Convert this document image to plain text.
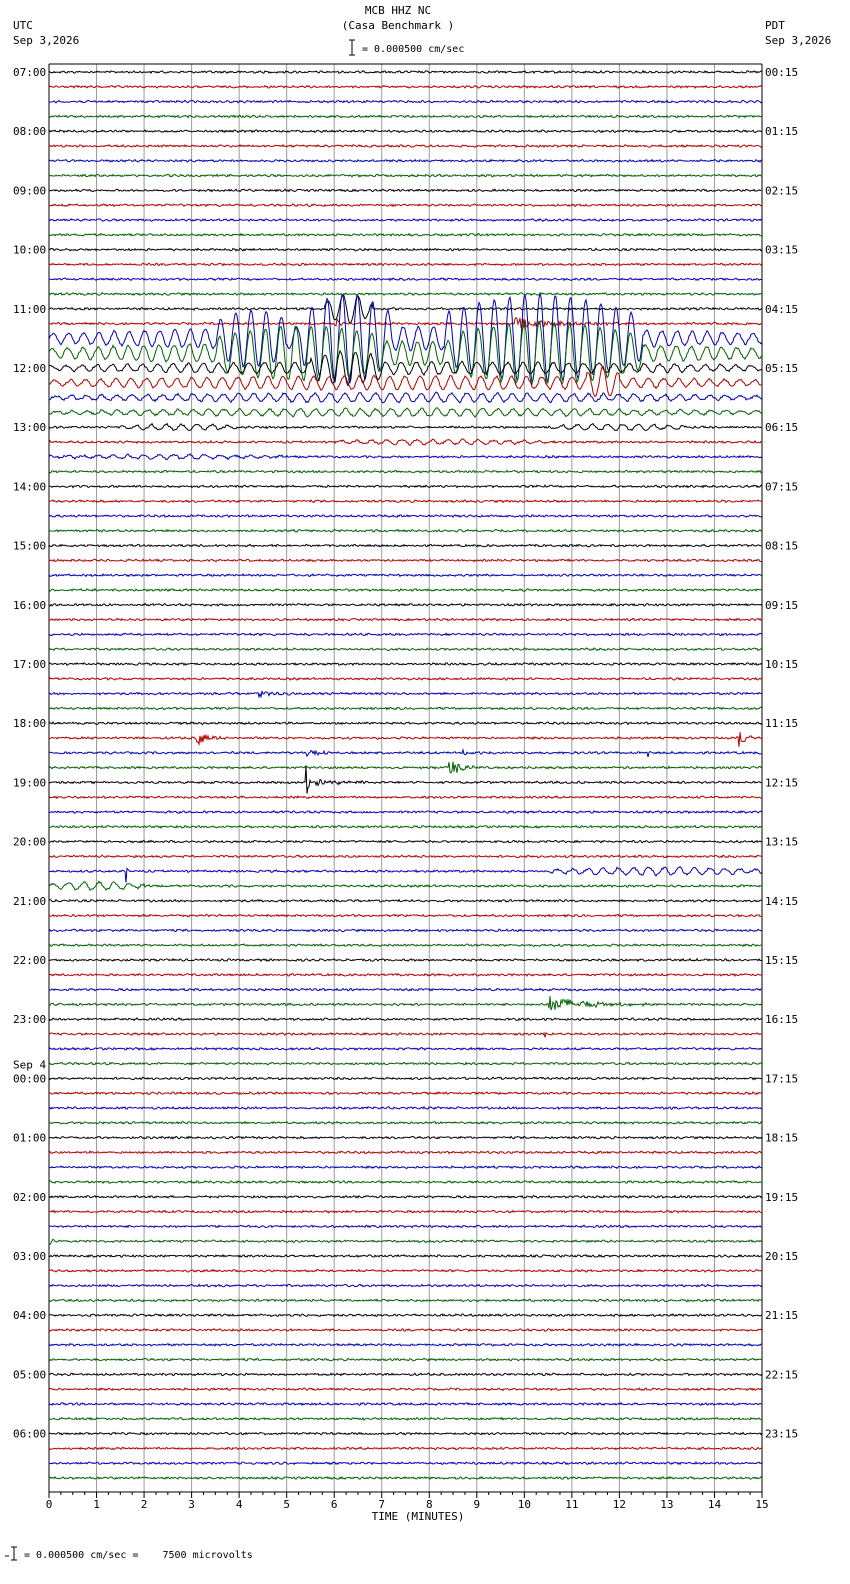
0	1	2	3	4	5	6	7	8	9	10	11	12	13	14	15
07:00
08:00
09:00
10:00
11:00
12:00
13:00
14:00
15:00
16:00
17:00
18:00
19:00
20:00
21:00
22:00
23:00
00:00
Sep 4
01:00
02:00
03:00
04:00
05:00
06:00
00:15
01:15
02:15
03:15
04:15
05:15
06:15
07:15
08:15
09:15
10:15
11:15
12:15
13:15
14:15
15:15
16:15
17:15
18:15
19:15
20:15
21:15
22:15
23:15
MCB HHZ NC
(Casa Benchmark )
= 0.000500 cm/sec
UTC
Sep 3,2026
PDT
Sep 3,2026
TIME (MINUTES)
= 0.000500 cm/sec =    7500 microvolts
